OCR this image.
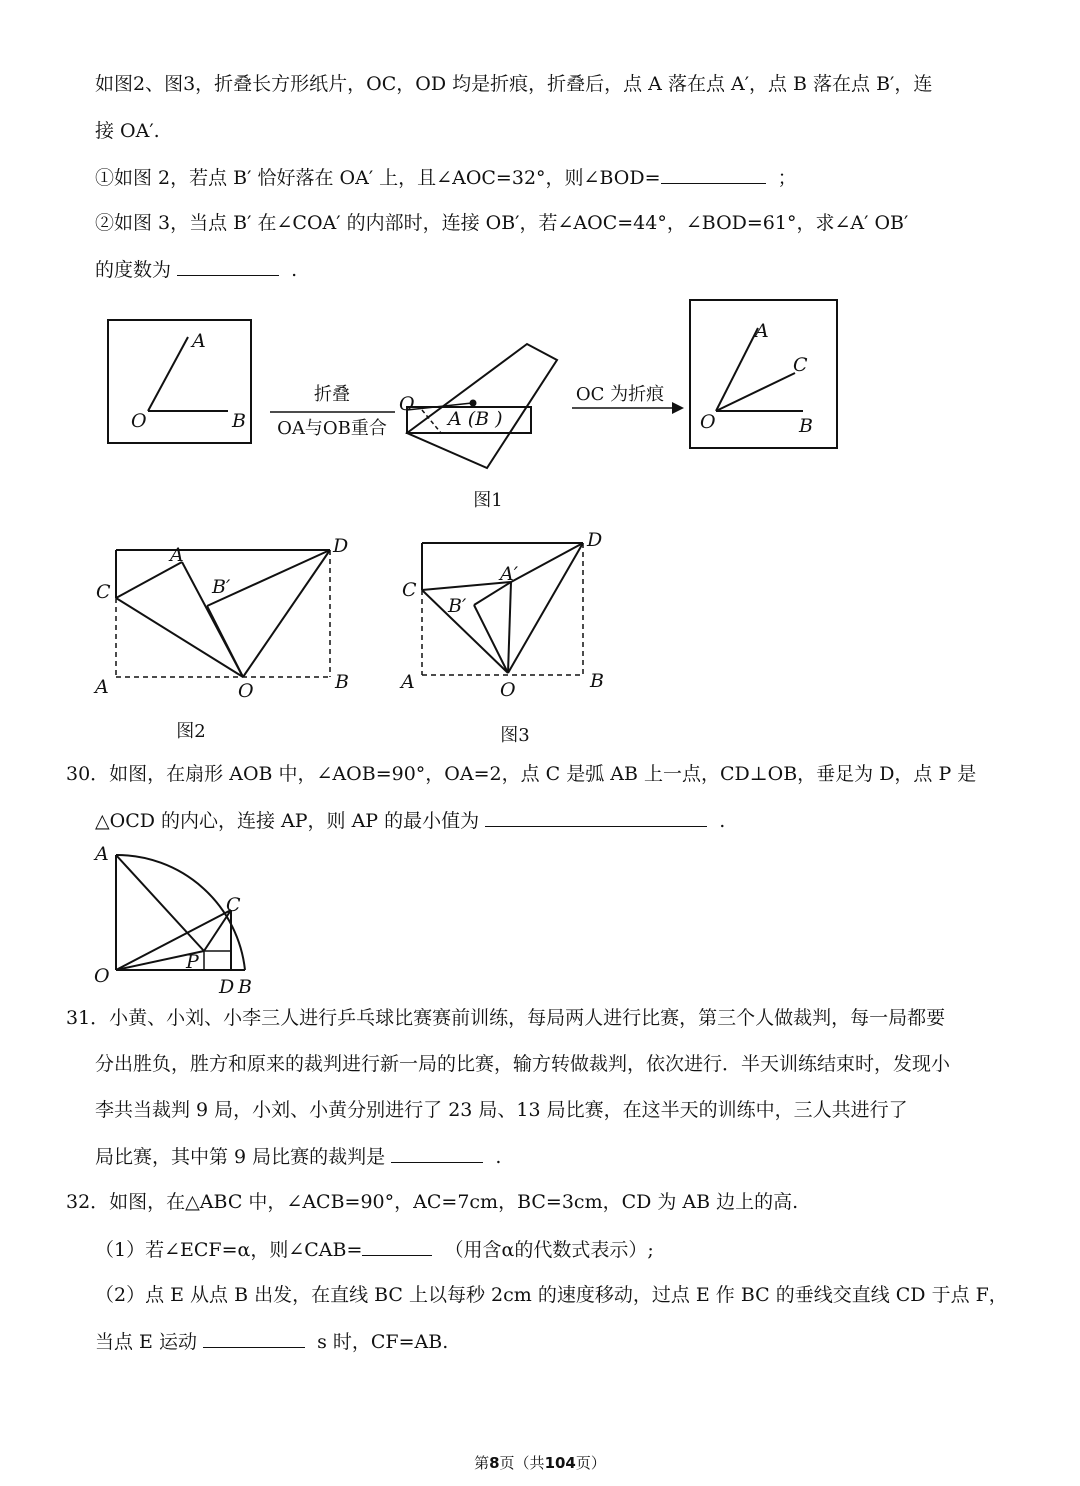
如图2、图3，折叠长方形纸片，OC，OD 均是折痕，折叠后，点 A 落在点 A′，点 B 落在点 B′，连
接 OA′.
①如图 2，若点 B′ 恰好落在 OA′ 上，且∠AOC=32°，则∠BOD=	；
②如图 3，当点 B′ 在∠COA′ 的内部时，连接 OB′，若∠AOC=44°，∠BOD=61°，求∠A′ OB′
的度数为	.
A
O	B
O
A (B )
A
C
O	B
折叠
OA与OB重合
OC 为折痕
图1
A	D
C	B′
A	O	B
图2
D
C
A′
B′
A	O	B
图3
30．如图，在扇形 AOB 中，∠AOB=90°，OA=2，点 C 是弧 AB 上一点，CD⊥OB，垂足为 D，点 P 是
△OCD 的内心，连接 AP，则 AP 的最小值为	.
A
C
P
O	D B
31．小黄、小刘、小李三人进行乒乓球比赛赛前训练，每局两人进行比赛，第三个人做裁判，每一局都要
分出胜负，胜方和原来的裁判进行新一局的比赛，输方转做裁判，依次进行．半天训练结束时，发现小
李共当裁判 9 局，小刘、小黄分别进行了 23 局、13 局比赛，在这半天的训练中，三人共进行了
局比赛，其中第 9 局比赛的裁判是	.
32．如图，在△ABC 中，∠ACB=90°，AC=7cm，BC=3cm，CD 为 AB 边上的高.
（1）若∠ECF=α，则∠CAB=	（用含α的代数式表示）;
（2）点 E 从点 B 出发，在直线 BC 上以每秒 2cm 的速度移动，过点 E 作 BC 的垂线交直线 CD 于点 F，
当点 E 运动	s 时，CF=AB.
第8页（共104页）
